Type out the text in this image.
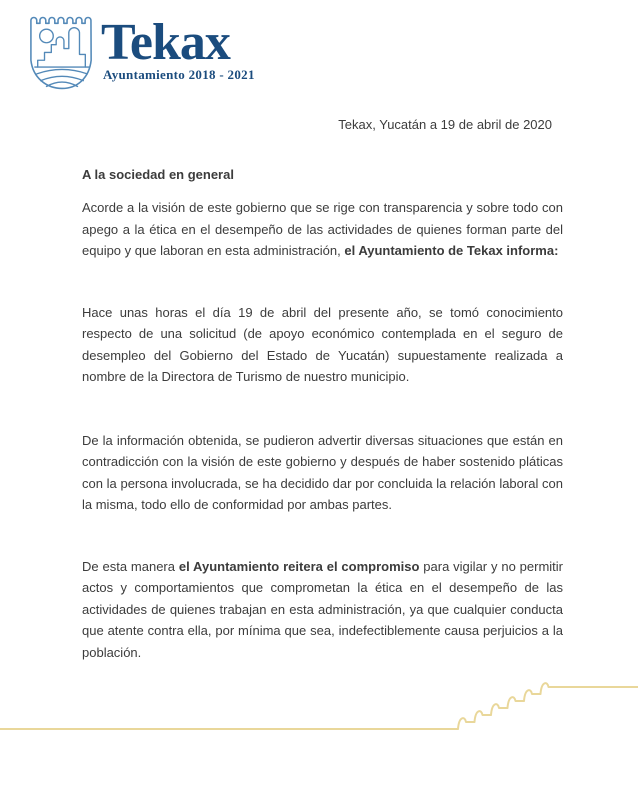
Tekax
Ayuntamiento 2018 - 2021
Tekax, Yucatán a 19 de abril de 2020
A la sociedad en general

Acorde a la visión de este gobierno que se rige con transparencia y sobre todo con apego a la ética en el desempeño de las actividades de quienes forman parte del equipo y que laboran en esta administración, el Ayuntamiento de Tekax informa:

Hace unas horas el día 19 de abril del presente año, se tomó conocimiento respecto de una solicitud (de apoyo económico contemplada en el seguro de desempleo del Gobierno del Estado de Yucatán) supuestamente realizada a nombre de la Directora de Turismo de nuestro municipio.

De la información obtenida, se pudieron advertir diversas situaciones que están en contradicción con la visión de este gobierno y después de haber sostenido pláticas con la persona involucrada, se ha decidido dar por concluida la relación laboral con la misma, todo ello de conformidad por ambas partes.

De esta manera el Ayuntamiento reitera el compromiso para vigilar y no permitir actos y comportamientos que comprometan la ética en el desempeño de las actividades de quienes trabajan en esta administración, ya que cualquier conducta que atente contra ella, por mínima que sea, indefectiblemente causa perjuicios a la población.
